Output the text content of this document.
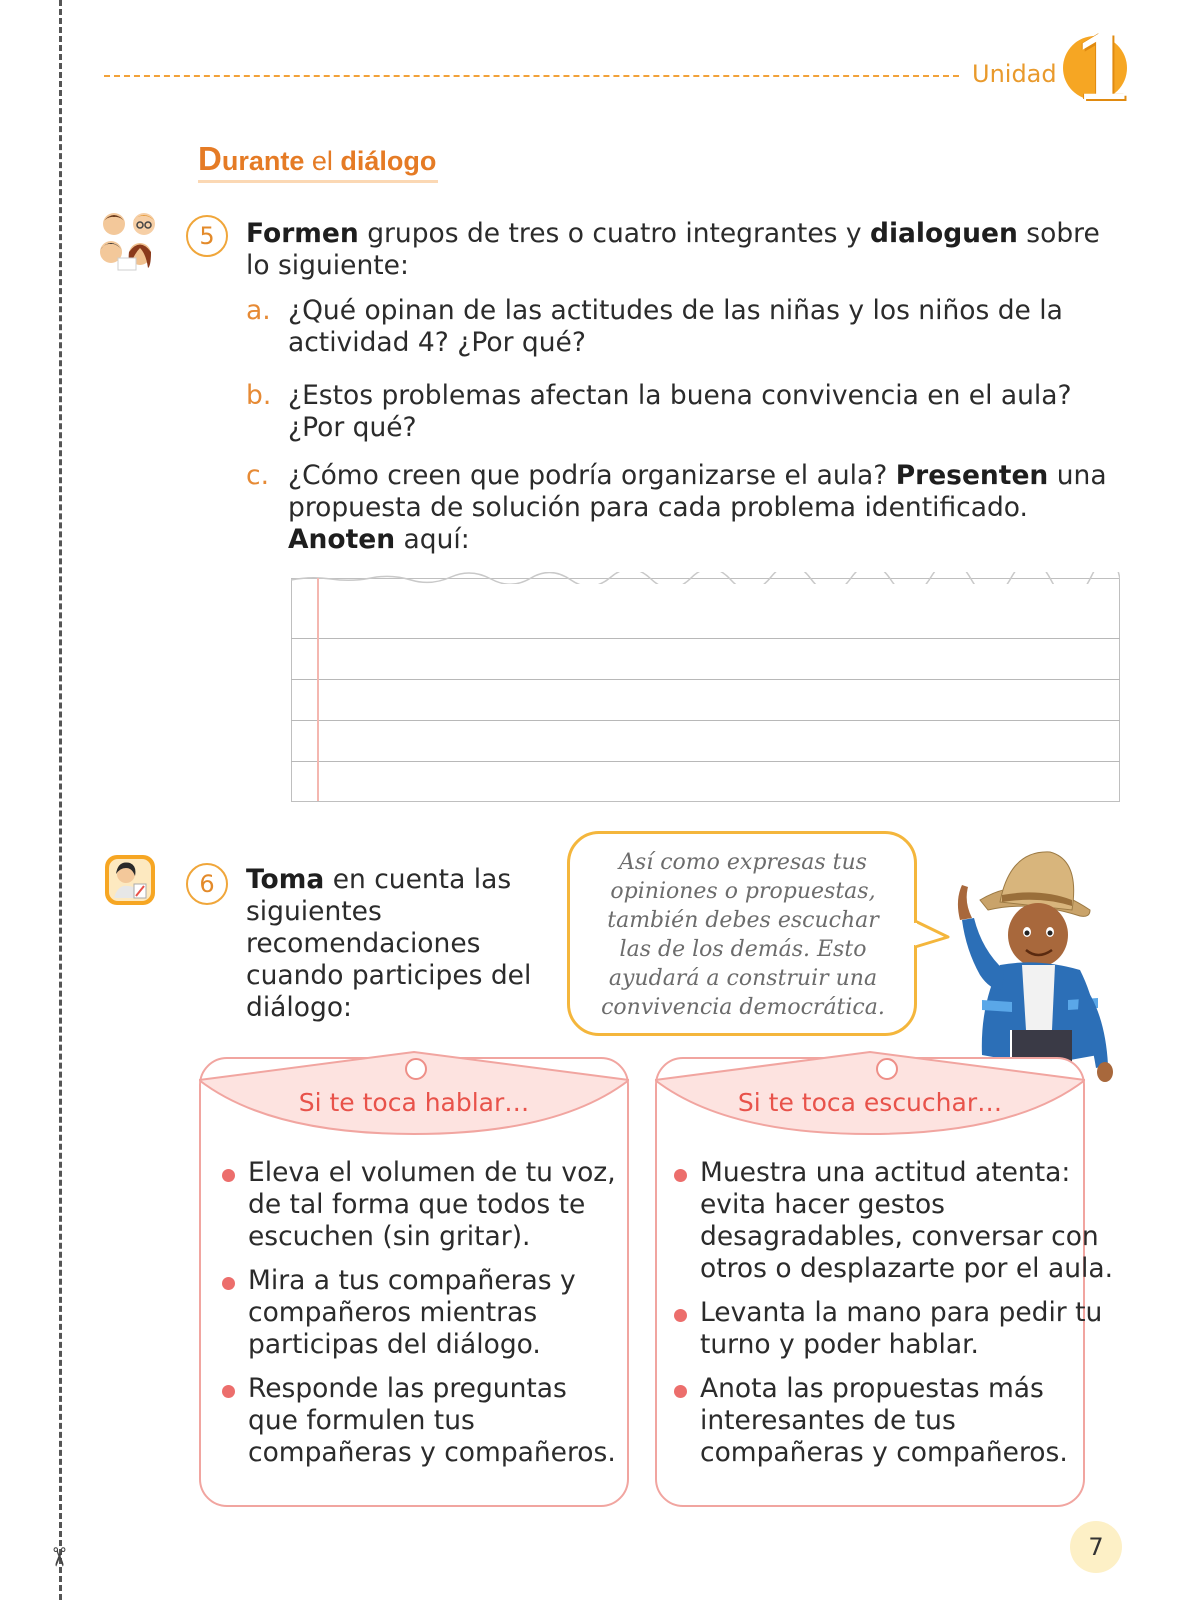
✂
Unidad 1
Durante el diálogo
5	Formen grupos de tres o cuatro integrantes y dialoguen sobre lo siguiente:
a. ¿Qué opinan de las actitudes de las niñas y los niños de la actividad 4? ¿Por qué?
b. ¿Estos problemas afectan la buena convivencia en el aula? ¿Por qué?
c. ¿Cómo creen que podría organizarse el aula? Presenten una propuesta de solución para cada problema identificado. Anoten aquí:
6	Toma en cuenta las siguientes recomendaciones cuando participes del diálogo:
Así como expresas tus opiniones o propuestas, también debes escuchar las de los demás. Esto ayudará a construir una convivencia democrática.
Si te toca hablar…
Eleva el volumen de tu voz, de tal forma que todos te escuchen (sin gritar).
Mira a tus compañeras y compañeros mientras participas del diálogo.
Responde las preguntas que formulen tus compañeras y compañeros.
Si te toca escuchar…
Muestra una actitud atenta: evita hacer gestos desagradables, conversar con otros o desplazarte por el aula.
Levanta la mano para pedir tu turno y poder hablar.
Anota las propuestas más interesantes de tus compañeras y compañeros.
7
